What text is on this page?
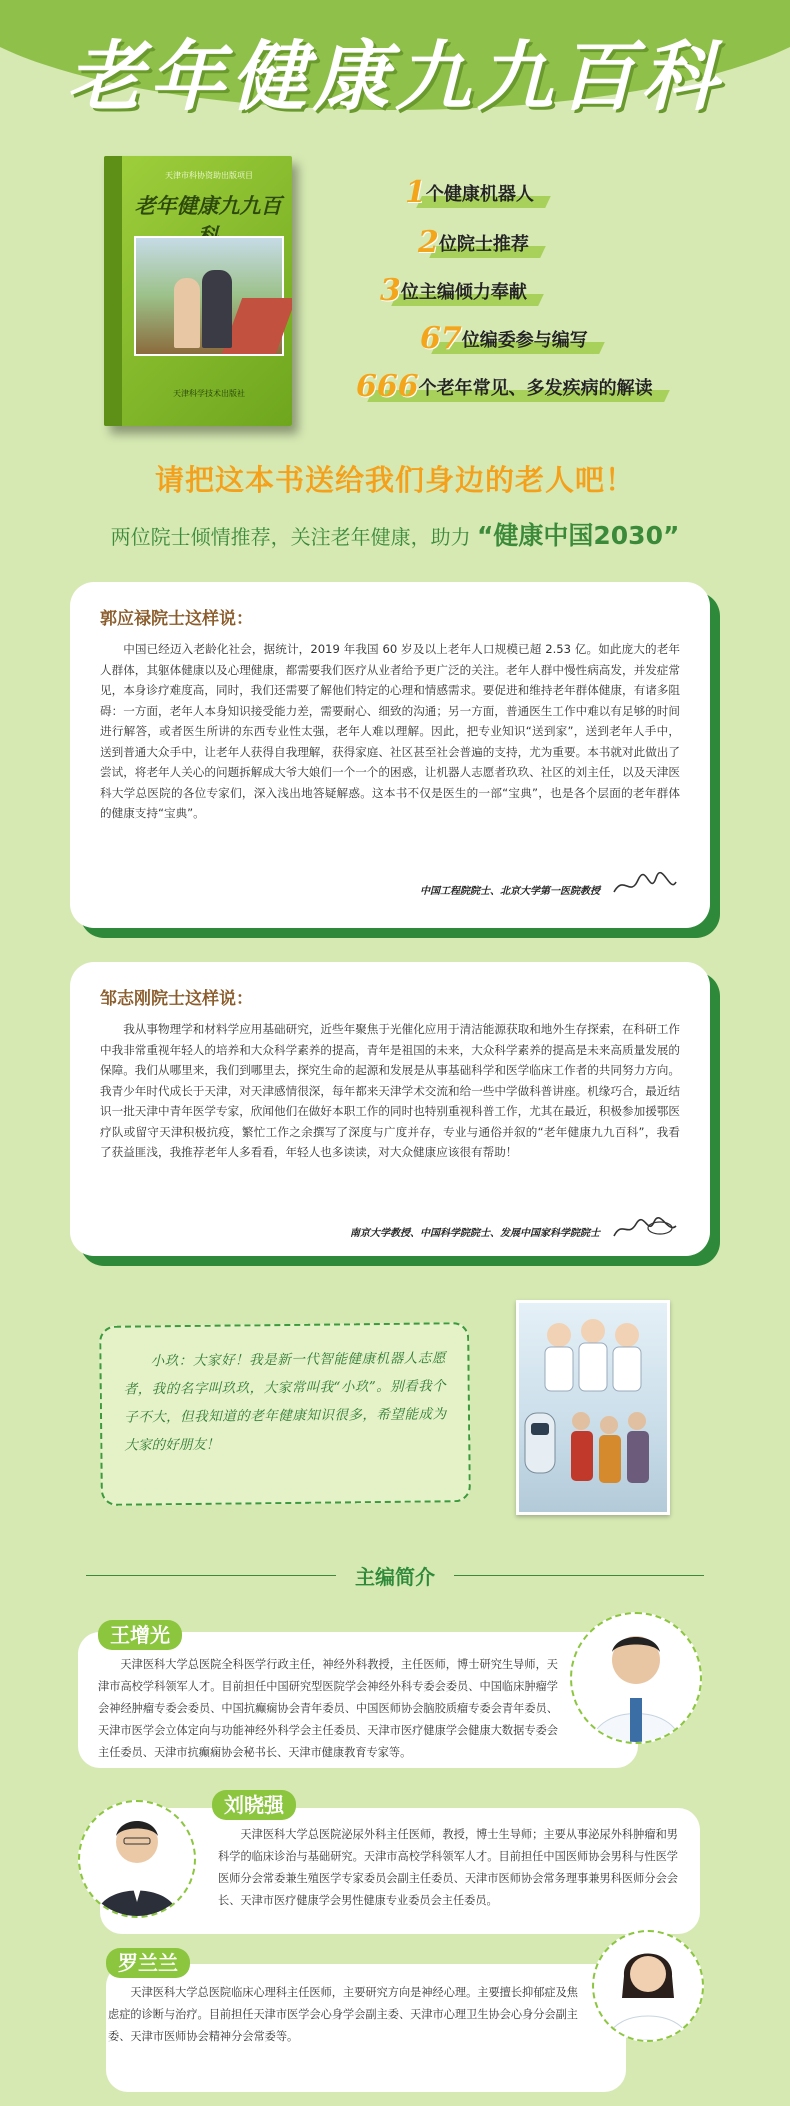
老年健康九九百科
天津市科协资助出版项目
老年健康九九百
天津科学技术出版社
1 个健康机器人
2 位院士推荐
3 位主编倾力奉献
67 位编委参与编写
666 个老年常见、多发疾病的解读
请把这本书送给我们身边的老人吧！
两位院士倾情推荐，关注老年健康，助力 “健康中国2030”
郭应禄院士这样说：
中国已经迈入老龄化社会，据统计，2019 年我国 60 岁及以上老年人口规模已超 2.53 亿。如此庞大的老年人群体，其躯体健康以及心理健康，都需要我们医疗从业者给予更广泛的关注。老年人群中慢性病高发，并发症常见，本身诊疗难度高，同时，我们还需要了解他们特定的心理和情感需求。要促进和维持老年群体健康，有诸多阻碍：一方面，老年人本身知识接受能力差，需要耐心、细致的沟通；另一方面，普通医生工作中难以有足够的时间进行解答，或者医生所讲的东西专业性太强，老年人难以理解。因此，把专业知识“送到家”，送到老年人手中，送到普通大众手中，让老年人获得自我理解，获得家庭、社区甚至社会普遍的支持，尤为重要。本书就对此做出了尝试，将老年人关心的问题拆解成大爷大娘们一个一个的困惑，让机器人志愿者玖玖、社区的刘主任，以及天津医科大学总医院的各位专家们，深入浅出地答疑解惑。这本书不仅是医生的一部“宝典”，也是各个层面的老年群体的健康支持“宝典”。
中国工程院院士、北京大学第一医院教授
邹志刚院士这样说：
我从事物理学和材料学应用基础研究，近些年聚焦于光催化应用于清洁能源获取和地外生存探索，在科研工作中我非常重视年轻人的培养和大众科学素养的提高，青年是祖国的未来，大众科学素养的提高是未来高质量发展的保障。我们从哪里来，我们到哪里去，探究生命的起源和发展是从事基础科学和医学临床工作者的共同努力方向。我青少年时代成长于天津，对天津感情很深，每年都来天津学术交流和给一些中学做科普讲座。机缘巧合，最近结识一批天津中青年医学专家，欣闻他们在做好本职工作的同时也特别重视科普工作，尤其在最近，积极参加援鄂医疗队或留守天津积极抗疫，繁忙工作之余撰写了深度与广度并存，专业与通俗并叙的“老年健康九九百科”，我看了获益匪浅，我推荐老年人多看看，年轻人也多读读，对大众健康应该很有帮助！
南京大学教授、中国科学院院士、发展中国家科学院院士
小玖：大家好！我是新一代智能健康机器人志愿者，我的名字叫玖玖，大家常叫我“小玖”。别看我个子不大，但我知道的老年健康知识很多，希望能成为大家的好朋友！
主编简介
王增光
天津医科大学总医院全科医学行政主任，神经外科教授，主任医师，博士研究生导师，天津市高校学科领军人才。目前担任中国研究型医院学会神经外科专委会委员、中国临床肿瘤学会神经肿瘤专委会委员、中国抗癫痫协会青年委员、中国医师协会脑胶质瘤专委会青年委员、天津市医学会立体定向与功能神经外科学会主任委员、天津市医疗健康学会健康大数据专委会主任委员、天津市抗癫痫协会秘书长、天津市健康教育专家等。
刘晓强
天津医科大学总医院泌尿外科主任医师，教授，博士生导师；主要从事泌尿外科肿瘤和男科学的临床诊治与基础研究。天津市高校学科领军人才。目前担任中国医师协会男科与性医学医师分会常委兼生殖医学专家委员会副主任委员、天津市医师协会常务理事兼男科医师分会会长、天津市医疗健康学会男性健康专业委员会主任委员。
罗兰兰
天津医科大学总医院临床心理科主任医师，主要研究方向是神经心理。主要擅长抑郁症及焦虑症的诊断与治疗。目前担任天津市医学会心身学会副主委、天津市心理卫生协会心身分会副主委、天津市医师协会精神分会常委等。
